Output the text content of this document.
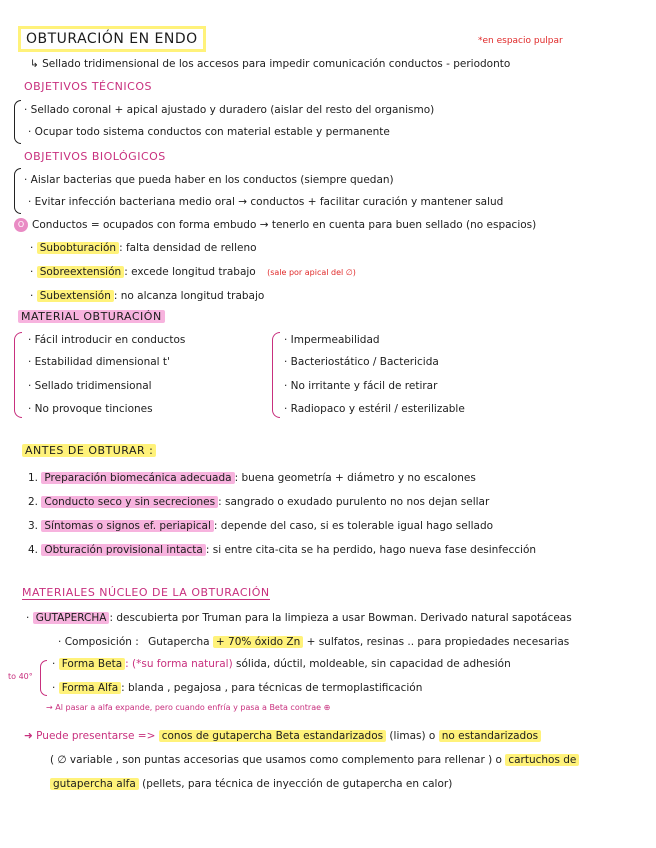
OBTURACIÓN EN ENDO	*en espacio pulpar
↳ Sellado tridimensional de los accesos para impedir comunicación conductos - periodonto
OBJETIVOS TÉCNICOS
· Sellado coronal + apical ajustado y duradero (aislar del resto del organismo)
· Ocupar todo sistema conductos con material estable y permanente
OBJETIVOS BIOLÓGICOS
· Aislar bacterias que pueda haber en los conductos (siempre quedan)
· Evitar infección bacteriana medio oral → conductos + facilitar curación y mantener salud
O Conductos = ocupados con forma embudo → tenerlo en cuenta para buen sellado (no espacios)
· Subobturación : falta densidad de relleno
· Sobreextensión : excede longitud trabajo (sale por apical del ∅)
· Subextensión : no alcanza longitud trabajo
MATERIAL OBTURACIÓN
· Fácil introducir en conductos
· Estabilidad dimensional t'
· Sellado tridimensional
· No provoque tinciones
· Impermeabilidad
· Bacteriostático / Bactericida
· No irritante y fácil de retirar
· Radiopaco y estéril / esterilizable
ANTES DE OBTURAR :
1. Preparación biomecánica adecuada : buena geometría + diámetro y no escalones
2. Conducto seco y sin secreciones : sangrado o exudado purulento no nos dejan sellar
3. Síntomas o signos ef. periapical : depende del caso, si es tolerable igual hago sellado
4. Obturación provisional intacta : si entre cita-cita se ha perdido, hago nueva fase desinfección
MATERIALES NÚCLEO DE LA OBTURACIÓN
· GUTAPERCHA : descubierta por Truman para la limpieza a usar Bowman. Derivado natural sapotáceas
· Composición : Gutapercha + 70% óxido Zn + sulfatos, resinas .. para propiedades necesarias
to 40°
· Forma Beta : (*su forma natural) sólida, dúctil, moldeable, sin capacidad de adhesión
· Forma Alfa : blanda , pegajosa , para técnicas de termoplastificación
→ Al pasar a alfa expande, pero cuando enfría y pasa a Beta contrae ⊕
➜ Puede presentarse => conos de gutapercha Beta estandarizados (limas) o no estandarizados
( ∅ variable , son puntas accesorias que usamos como complemento para rellenar ) o cartuchos de
gutapercha alfa (pellets, para técnica de inyección de gutapercha en calor)
